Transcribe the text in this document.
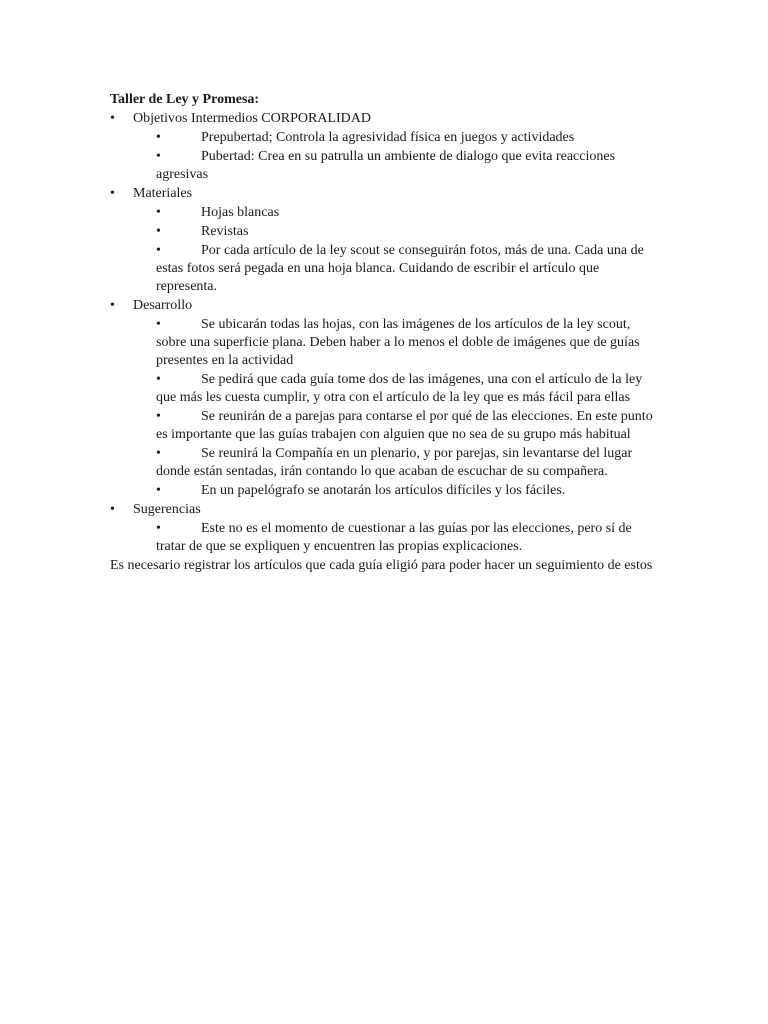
Taller de Ley y Promesa:
• Objetivos Intermedios CORPORALIDAD
•	Prepubertad; Controla la agresividad física en juegos y actividades
•	Pubertad: Crea en su patrulla un ambiente de dialogo que evita reacciones agresivas
• Materiales
•	Hojas blancas
•	Revistas
•	Por cada artículo de la ley scout se conseguirán fotos, más de una. Cada una de estas fotos será pegada en una hoja blanca. Cuidando de escribir el artículo que representa.
• Desarrollo
•	Se ubicarán todas las hojas, con las imágenes de los artículos de la ley scout, sobre una superficie plana. Deben haber a lo menos el doble de imágenes que de guías presentes en la actividad
•	Se pedirá que cada guía tome dos de las imágenes, una con el artículo de la ley que más les cuesta cumplir, y otra con el artículo de la ley que es más fácil para ellas
•	Se reunirán de a parejas para contarse el por qué de las elecciones. En este punto es importante que las guías trabajen con alguien que no sea de su grupo más habitual
•	Se reunirá la Compañía en un plenario, y por parejas, sin levantarse del lugar donde están sentadas, irán contando lo que acaban de escuchar de su compañera.
•	En un papelógrafo se anotarán los artículos difíciles y los fáciles.
• Sugerencias
•	Este no es el momento de cuestionar a las guías por las elecciones, pero sí de tratar de que se expliquen y encuentren las propias explicaciones.
Es necesario registrar los artículos que cada guía eligió para poder hacer un seguimiento de estos
